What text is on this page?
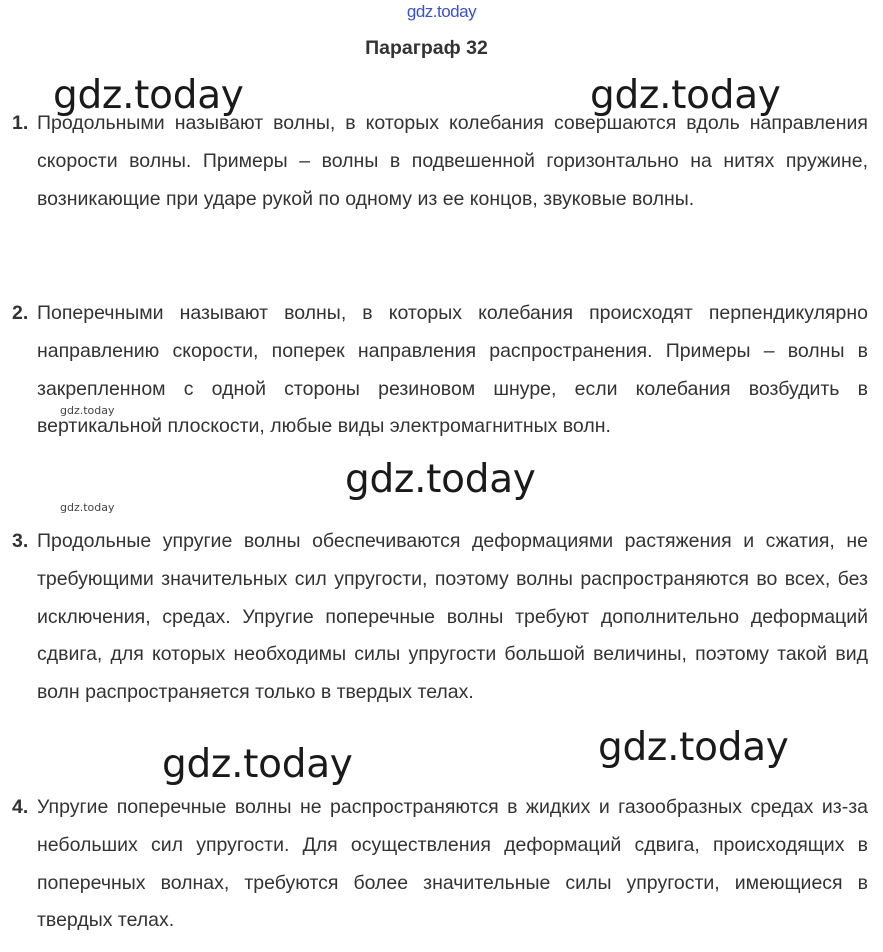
gdz.today
Параграф 32
1. Продольными называют волны, в которых колебания совершаются вдоль направления скорости волны. Примеры – волны в подвешенной горизонтально на нитях пружине, возникающие при ударе рукой по одному из ее концов, звуковые волны.

2. Поперечными называют волны, в которых колебания происходят перпендикулярно направлению скорости, поперек направления распространения. Примеры – волны в закрепленном с одной стороны резиновом шнуре, если колебания возбудить в вертикальной плоскости, любые виды электромагнитных волн.

3. Продольные упругие волны обеспечиваются деформациями растяжения и сжатия, не требующими значительных сил упругости, поэтому волны распространяются во всех, без исключения, средах. Упругие поперечные волны требуют дополнительно деформаций сдвига, для которых необходимы силы упругости большой величины, поэтому такой вид волн распространяется только в твердых телах.

4. Упругие поперечные волны не распространяются в жидких и газообразных средах из-за небольших сил упругости. Для осуществления деформаций сдвига, происходящих в поперечных волнах, требуются более значительные силы упругости, имеющиеся в твердых телах.

gdz.today	gdz.today
gdz.today
gdz.today
gdz.today
gdz.today
gdz.today
